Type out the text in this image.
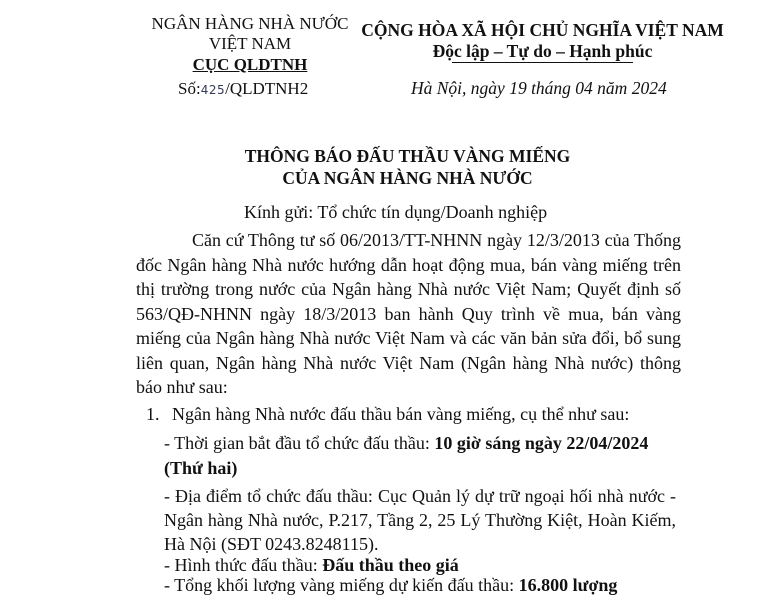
NGÂN HÀNG NHÀ NƯỚC
VIỆT NAM
CỤC QLDTNH
Số:425/QLDTNH2
CỘNG HÒA XÃ HỘI CHỦ NGHĨA VIỆT NAM
Độc lập – Tự do – Hạnh phúc
Hà Nội, ngày 19 tháng 04 năm 2024
THÔNG BÁO ĐẤU THẦU VÀNG MIẾNG
CỦA NGÂN HÀNG NHÀ NƯỚC
Kính gửi: Tổ chức tín dụng/Doanh nghiệp
Căn cứ Thông tư số 06/2013/TT-NHNN ngày 12/3/2013 của Thống
đốc Ngân hàng Nhà nước hướng dẫn hoạt động mua, bán vàng miếng trên
thị trường trong nước của Ngân hàng Nhà nước Việt Nam; Quyết định số
563/QĐ-NHNN ngày 18/3/2013 ban hành Quy trình về mua, bán vàng
miếng của Ngân hàng Nhà nước Việt Nam và các văn bản sửa đổi, bổ sung
liên quan, Ngân hàng Nhà nước Việt Nam (Ngân hàng Nhà nước) thông
báo như sau:
1. Ngân hàng Nhà nước đấu thầu bán vàng miếng, cụ thể như sau:
- Thời gian bắt đầu tổ chức đấu thầu: 10 giờ sáng ngày 22/04/2024
(Thứ hai)
- Địa điểm tổ chức đấu thầu: Cục Quản lý dự trữ ngoại hối nhà nước -
Ngân hàng Nhà nước, P.217, Tầng 2, 25 Lý Thường Kiệt, Hoàn Kiếm,
Hà Nội (SĐT 0243.8248115).
- Hình thức đấu thầu: Đấu thầu theo giá
- Tổng khối lượng vàng miếng dự kiến đấu thầu: 16.800 lượng
